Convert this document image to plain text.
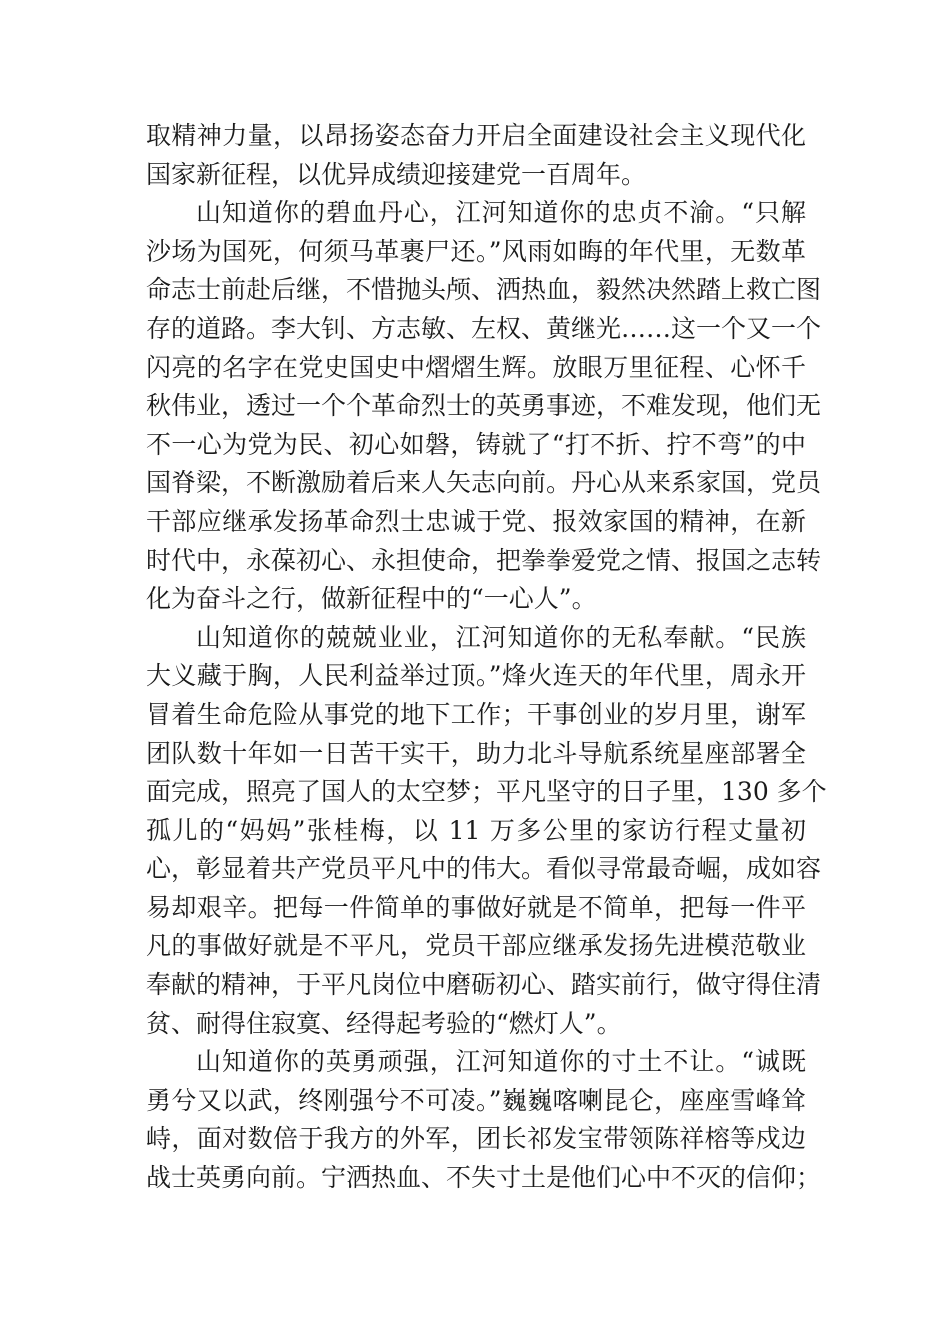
取精神力量，以昂扬姿态奋力开启全面建设社会主义现代化
国家新征程，以优异成绩迎接建党一百周年。
山知道你的碧血丹心，江河知道你的忠贞不渝。“只解
沙场为国死，何须马革裹尸还。”风雨如晦的年代里，无数革
命志士前赴后继，不惜抛头颅、洒热血，毅然决然踏上救亡图
存的道路。李大钊、方志敏、左权、黄继光……这一个又一个
闪亮的名字在党史国史中熠熠生辉。放眼万里征程、心怀千
秋伟业，透过一个个革命烈士的英勇事迹，不难发现，他们无
不一心为党为民、初心如磐，铸就了“打不折、拧不弯”的中
国脊梁，不断激励着后来人矢志向前。丹心从来系家国，党员
干部应继承发扬革命烈士忠诚于党、报效家国的精神，在新
时代中，永葆初心、永担使命，把拳拳爱党之情、报国之志转
化为奋斗之行，做新征程中的“一心人”。
山知道你的兢兢业业，江河知道你的无私奉献。“民族
大义藏于胸，人民利益举过顶。”烽火连天的年代里，周永开
冒着生命危险从事党的地下工作；干事创业的岁月里，谢军
团队数十年如一日苦干实干，助力北斗导航系统星座部署全
面完成，照亮了国人的太空梦；平凡坚守的日子里，130 多个
孤儿的“妈妈”张桂梅，以 11 万多公里的家访行程丈量初
心，彰显着共产党员平凡中的伟大。看似寻常最奇崛，成如容
易却艰辛。把每一件简单的事做好就是不简单，把每一件平
凡的事做好就是不平凡，党员干部应继承发扬先进模范敬业
奉献的精神，于平凡岗位中磨砺初心、踏实前行，做守得住清
贫、耐得住寂寞、经得起考验的“燃灯人”。
山知道你的英勇顽强，江河知道你的寸土不让。“诚既
勇兮又以武，终刚强兮不可凌。”巍巍喀喇昆仑，座座雪峰耸
峙，面对数倍于我方的外军，团长祁发宝带领陈祥榕等戍边
战士英勇向前。宁洒热血、不失寸土是他们心中不灭的信仰；
